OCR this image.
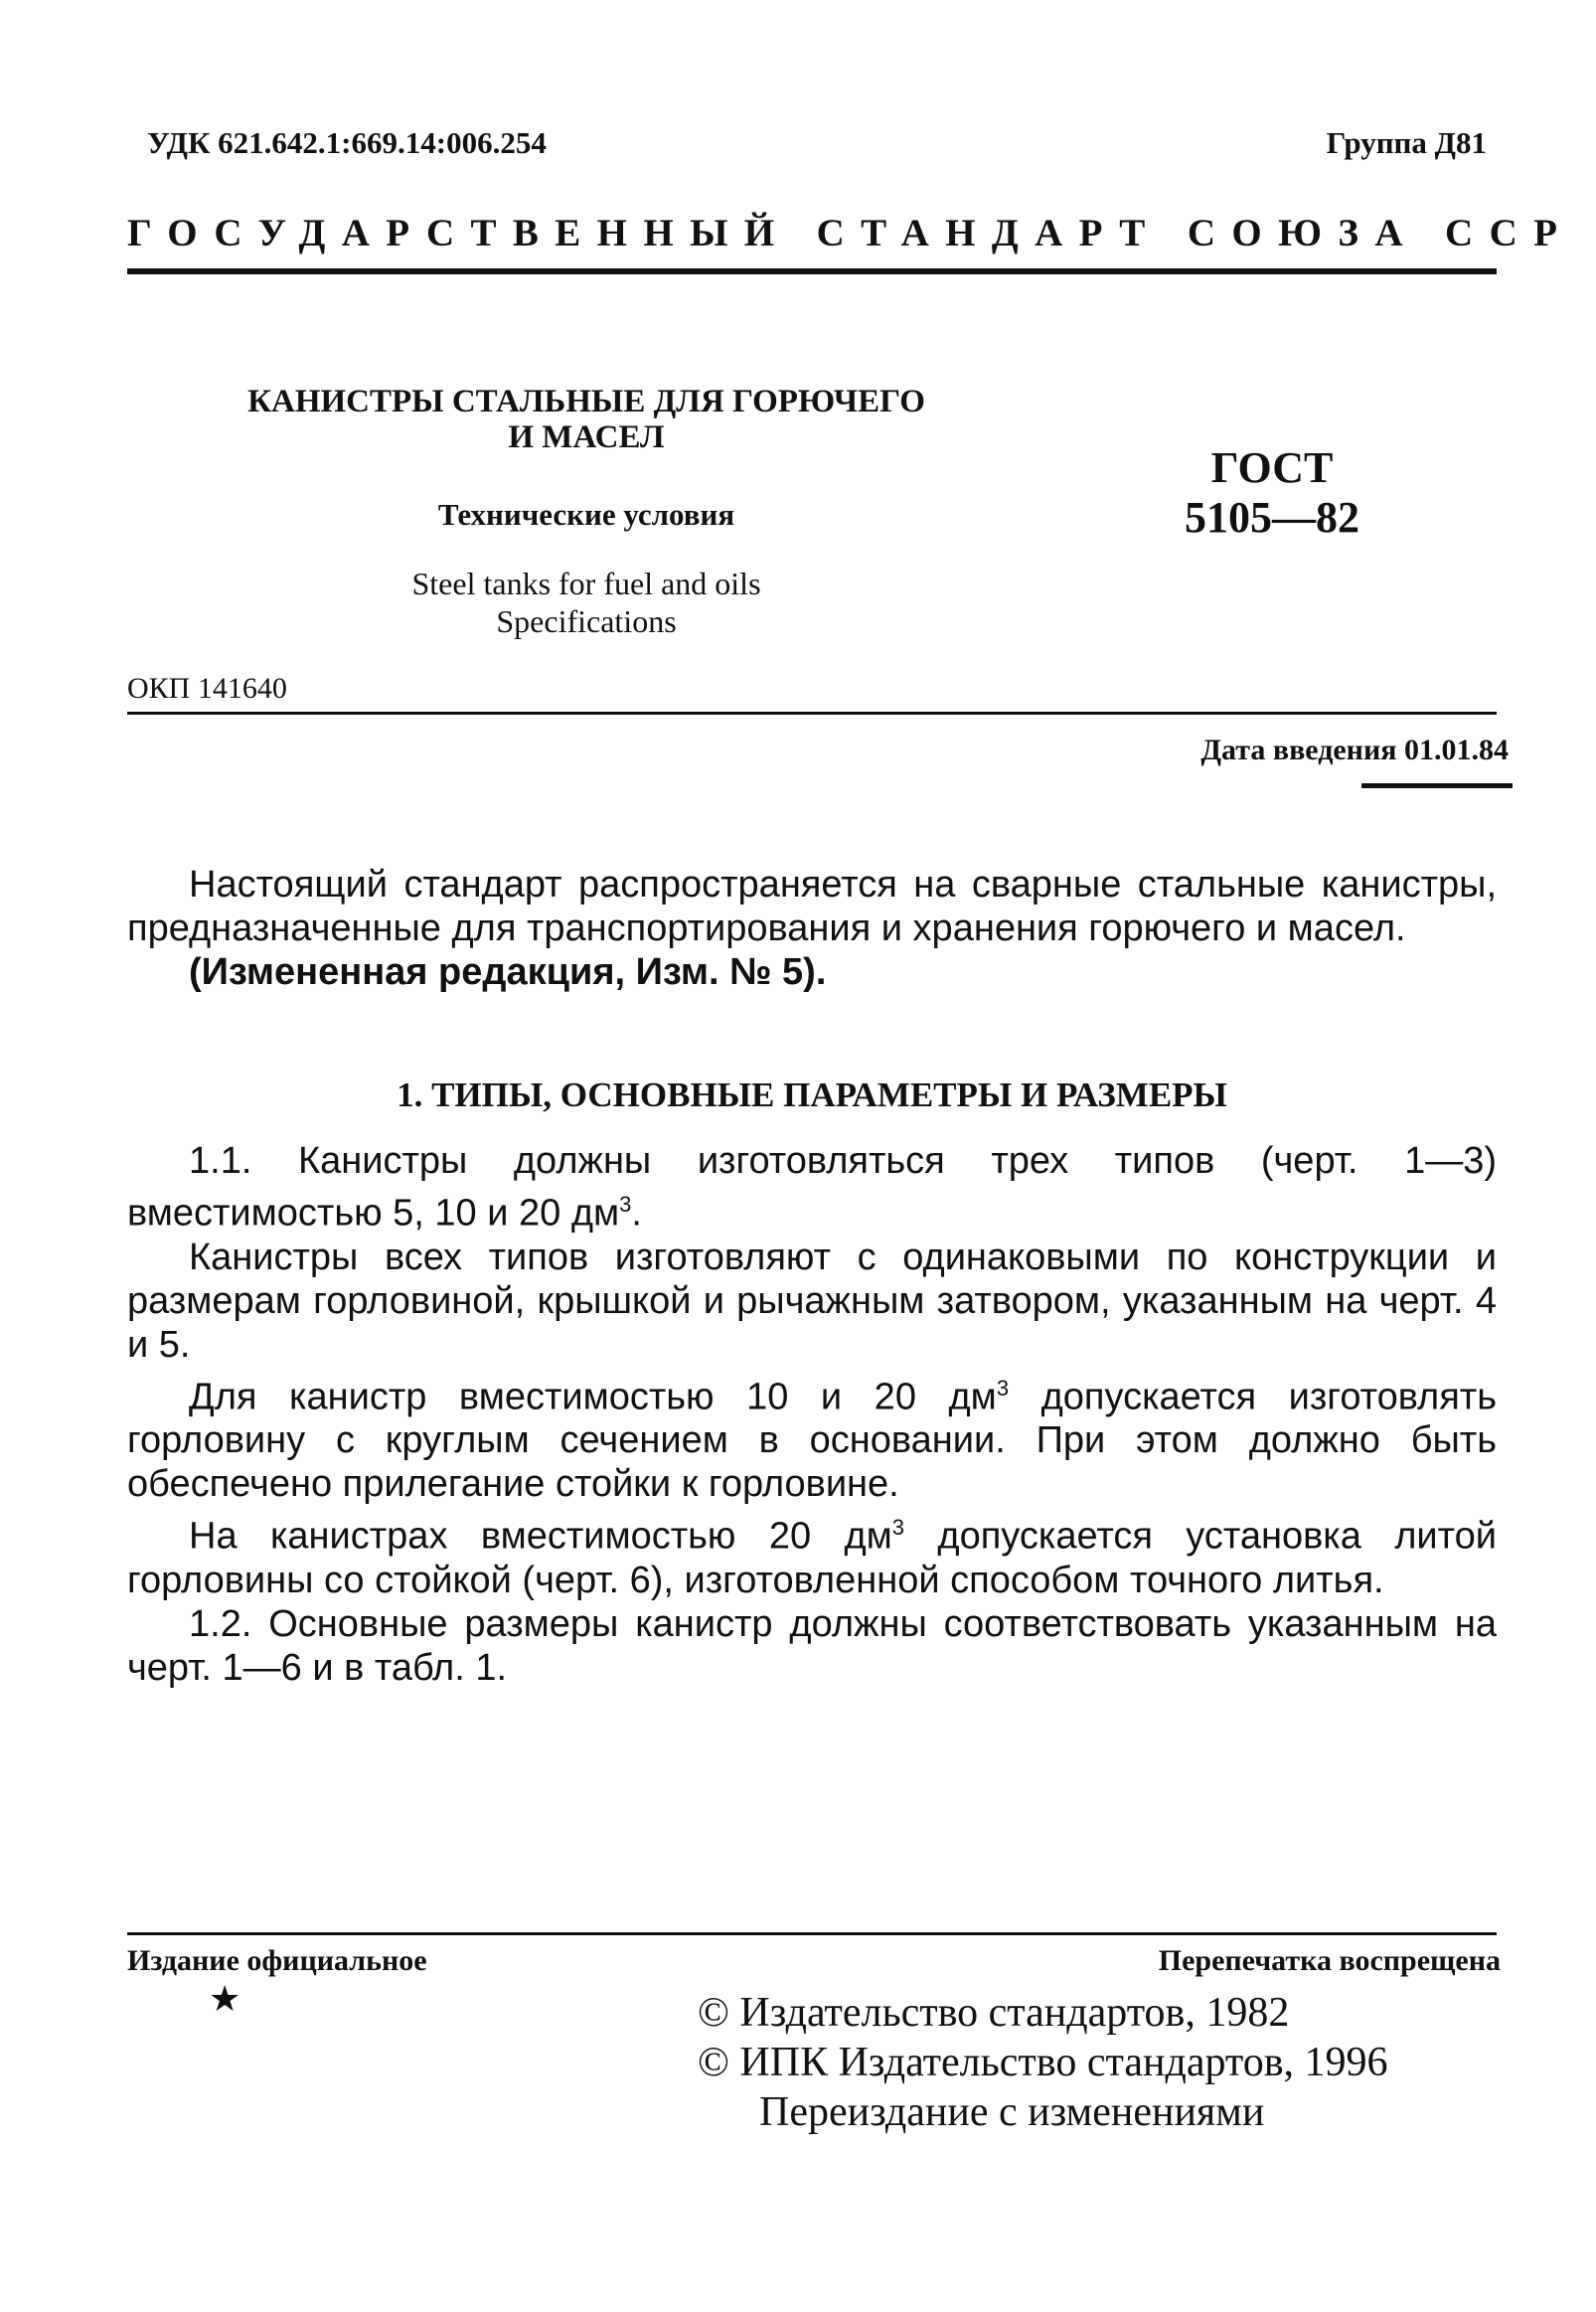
УДК 621.642.1:669.14:006.254	Группа Д81
ГОСУДАРСТВЕННЫЙ СТАНДАРТ СОЮЗА ССР
КАНИСТРЫ СТАЛЬНЫЕ ДЛЯ ГОРЮЧЕГО
И МАСЕЛ
Технические условия
Steel tanks for fuel and oils
Specifications
ГОСТ
5105—82
ОКП 141640
Дата введения 01.01.84

Настоящий стандарт распространяется на сварные стальные канистры, предназначенные для транспортирования и хранения горючего и масел.

(Измененная редакция, Изм. № 5).

1. ТИПЫ, ОСНОВНЫЕ ПАРАМЕТРЫ И РАЗМЕРЫ

1.1. Канистры должны изготовляться трех типов (черт. 1—3) вместимостью 5, 10 и 20 $дм^3$.

Канистры всех типов изготовляют с одинаковыми по конструкции и размерам горловиной, крышкой и рычажным затвором, указанным на черт. 4 и 5.

Для канистр вместимостью 10 и 20 $дм^3$ допускается изготовлять горловину с круглым сечением в основании. При этом должно быть обеспечено прилегание стойки к горловине.

На канистрах вместимостью 20 $дм^3$ допускается установка литой горловины со стойкой (черт. 6), изготовленной способом точного литья.

1.2. Основные размеры канистр должны соответствовать указанным на черт. 1—6 и в табл. 1.

Издание официальное
★
Перепечатка воспрещена
© Издательство стандартов, 1982
© ИПК Издательство стандартов, 1996
Переиздание с изменениями
